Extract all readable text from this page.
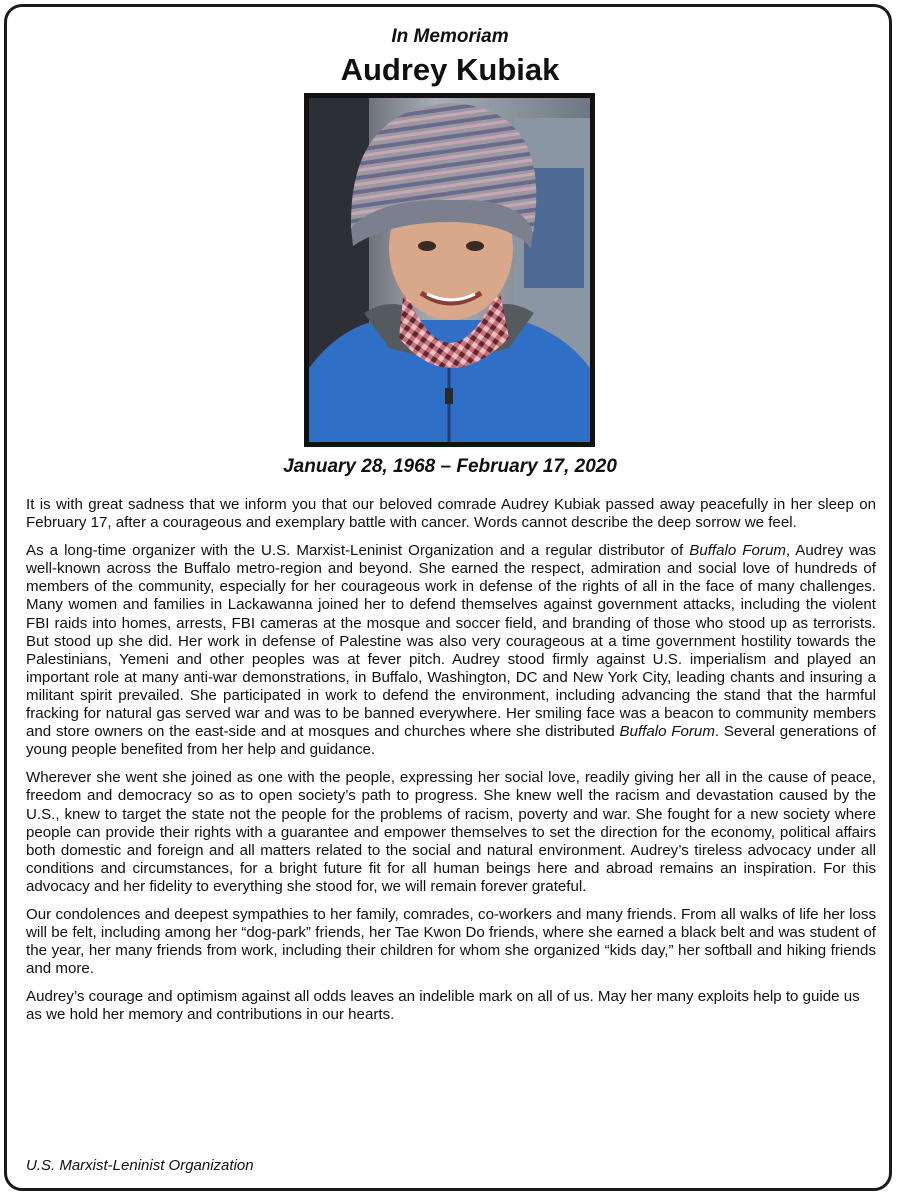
In Memoriam
Audrey Kubiak
January 28, 1968 – February 17, 2020

It is with great sadness that we inform you that our beloved comrade Audrey Kubiak passed away peacefully in her sleep on February 17, after a courageous and exemplary battle with cancer. Words cannot describe the deep sorrow we feel.

As a long-time organizer with the U.S. Marxist-Leninist Organization and a regular distributor of Buffalo Forum, Audrey was well-known across the Buffalo metro-region and beyond. She earned the respect, admiration and social love of hundreds of members of the community, especially for her courageous work in defense of the rights of all in the face of many challenges. Many women and families in Lackawanna joined her to defend themselves against government attacks, including the violent FBI raids into homes, arrests, FBI cameras at the mosque and soccer field, and branding of those who stood up as terrorists. But stood up she did. Her work in defense of Palestine was also very courageous at a time government hostility towards the Palestinians, Yemeni and other peoples was at fever pitch. Audrey stood firmly against U.S. imperialism and played an important role at many anti-war demonstrations, in Buffalo, Washington, DC and New York City, leading chants and insuring a militant spirit prevailed. She participated in work to defend the environment, including advancing the stand that the harmful fracking for natural gas served war and was to be banned everywhere. Her smiling face was a beacon to community members and store owners on the east-side and at mosques and churches where she distributed Buffalo Forum. Several generations of young people benefited from her help and guidance.

Wherever she went she joined as one with the people, expressing her social love, readily giving her all in the cause of peace, freedom and democracy so as to open society’s path to progress. She knew well the racism and devastation caused by the U.S., knew to target the state not the people for the problems of racism, poverty and war. She fought for a new society where people can provide their rights with a guarantee and empower themselves to set the direction for the economy, political affairs both domestic and foreign and all matters related to the social and natural environment. Audrey’s tireless advocacy under all conditions and circumstances, for a bright future fit for all human beings here and abroad remains an inspiration. For this advocacy and her fidelity to everything she stood for, we will remain forever grateful.

Our condolences and deepest sympathies to her family, comrades, co-workers and many friends. From all walks of life her loss will be felt, including among her “dog-park” friends, her Tae Kwon Do friends, where she earned a black belt and was student of the year, her many friends from work, including their children for whom she organized “kids day,” her softball and hiking friends and more.

Audrey’s courage and optimism against all odds leaves an indelible mark on all of us. May her many exploits help to guide us as we hold her memory and contributions in our hearts.

U.S. Marxist-Leninist Organization
